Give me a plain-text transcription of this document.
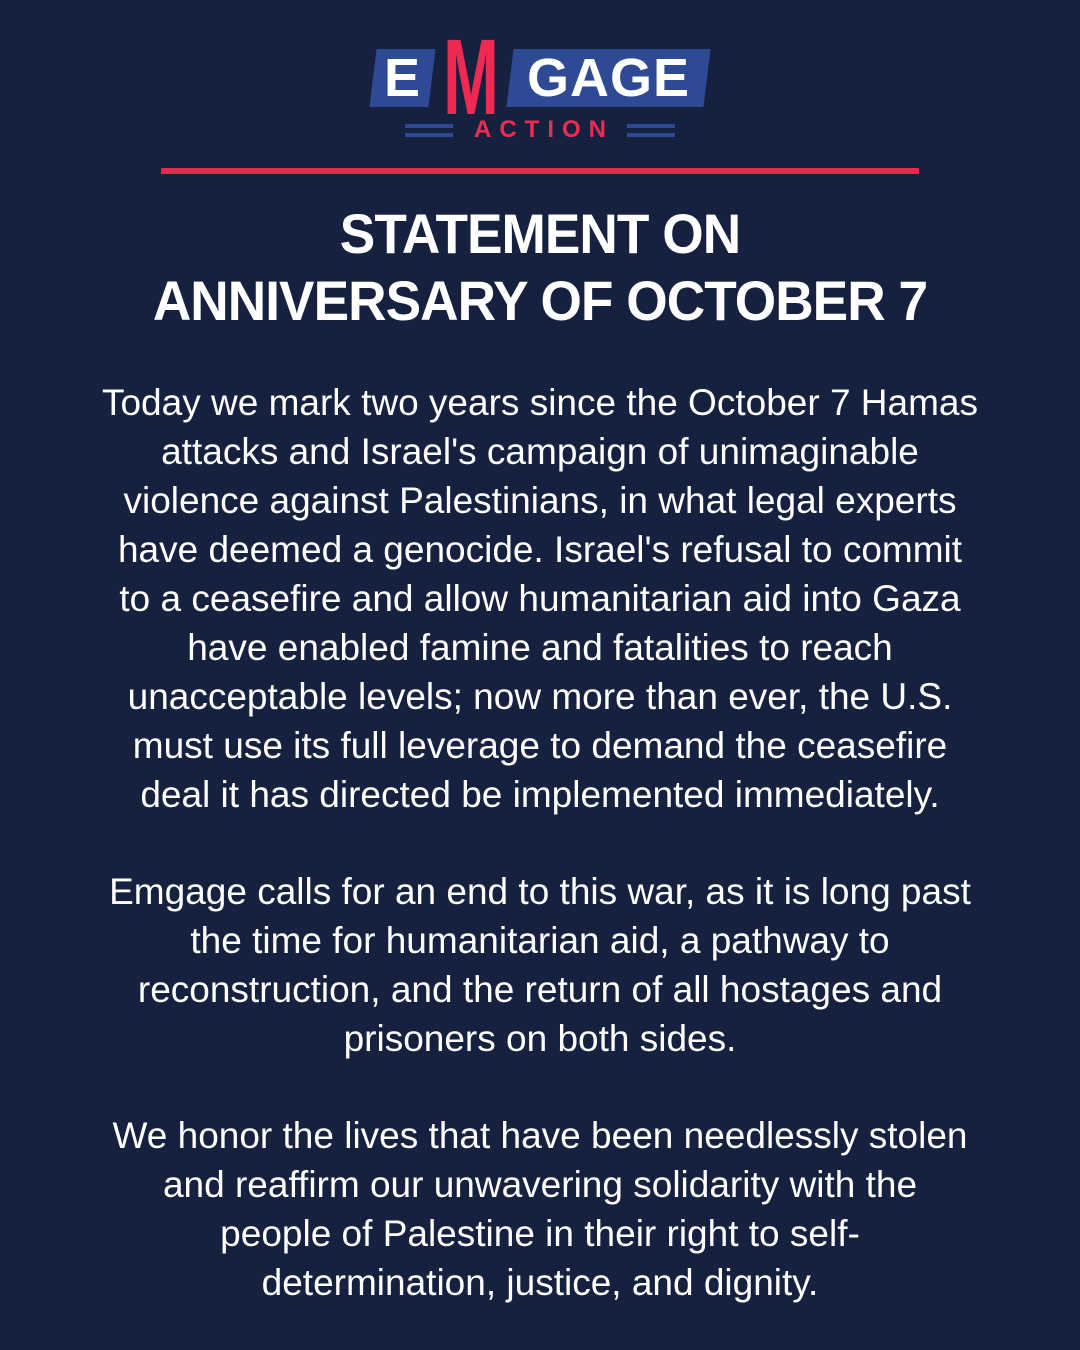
E M GAGE
ACTION
STATEMENT ON
ANNIVERSARY OF OCTOBER 7

Today we mark two years since the October 7 Hamas
attacks and Israel's campaign of unimaginable
violence against Palestinians, in what legal experts
have deemed a genocide. Israel's refusal to commit
to a ceasefire and allow humanitarian aid into Gaza
have enabled famine and fatalities to reach
unacceptable levels; now more than ever, the U.S.
must use its full leverage to demand the ceasefire
deal it has directed be implemented immediately.

Emgage calls for an end to this war, as it is long past
the time for humanitarian aid, a pathway to
reconstruction, and the return of all hostages and
prisoners on both sides.

We honor the lives that have been needlessly stolen
and reaffirm our unwavering solidarity with the
people of Palestine in their right to self-
determination, justice, and dignity.
